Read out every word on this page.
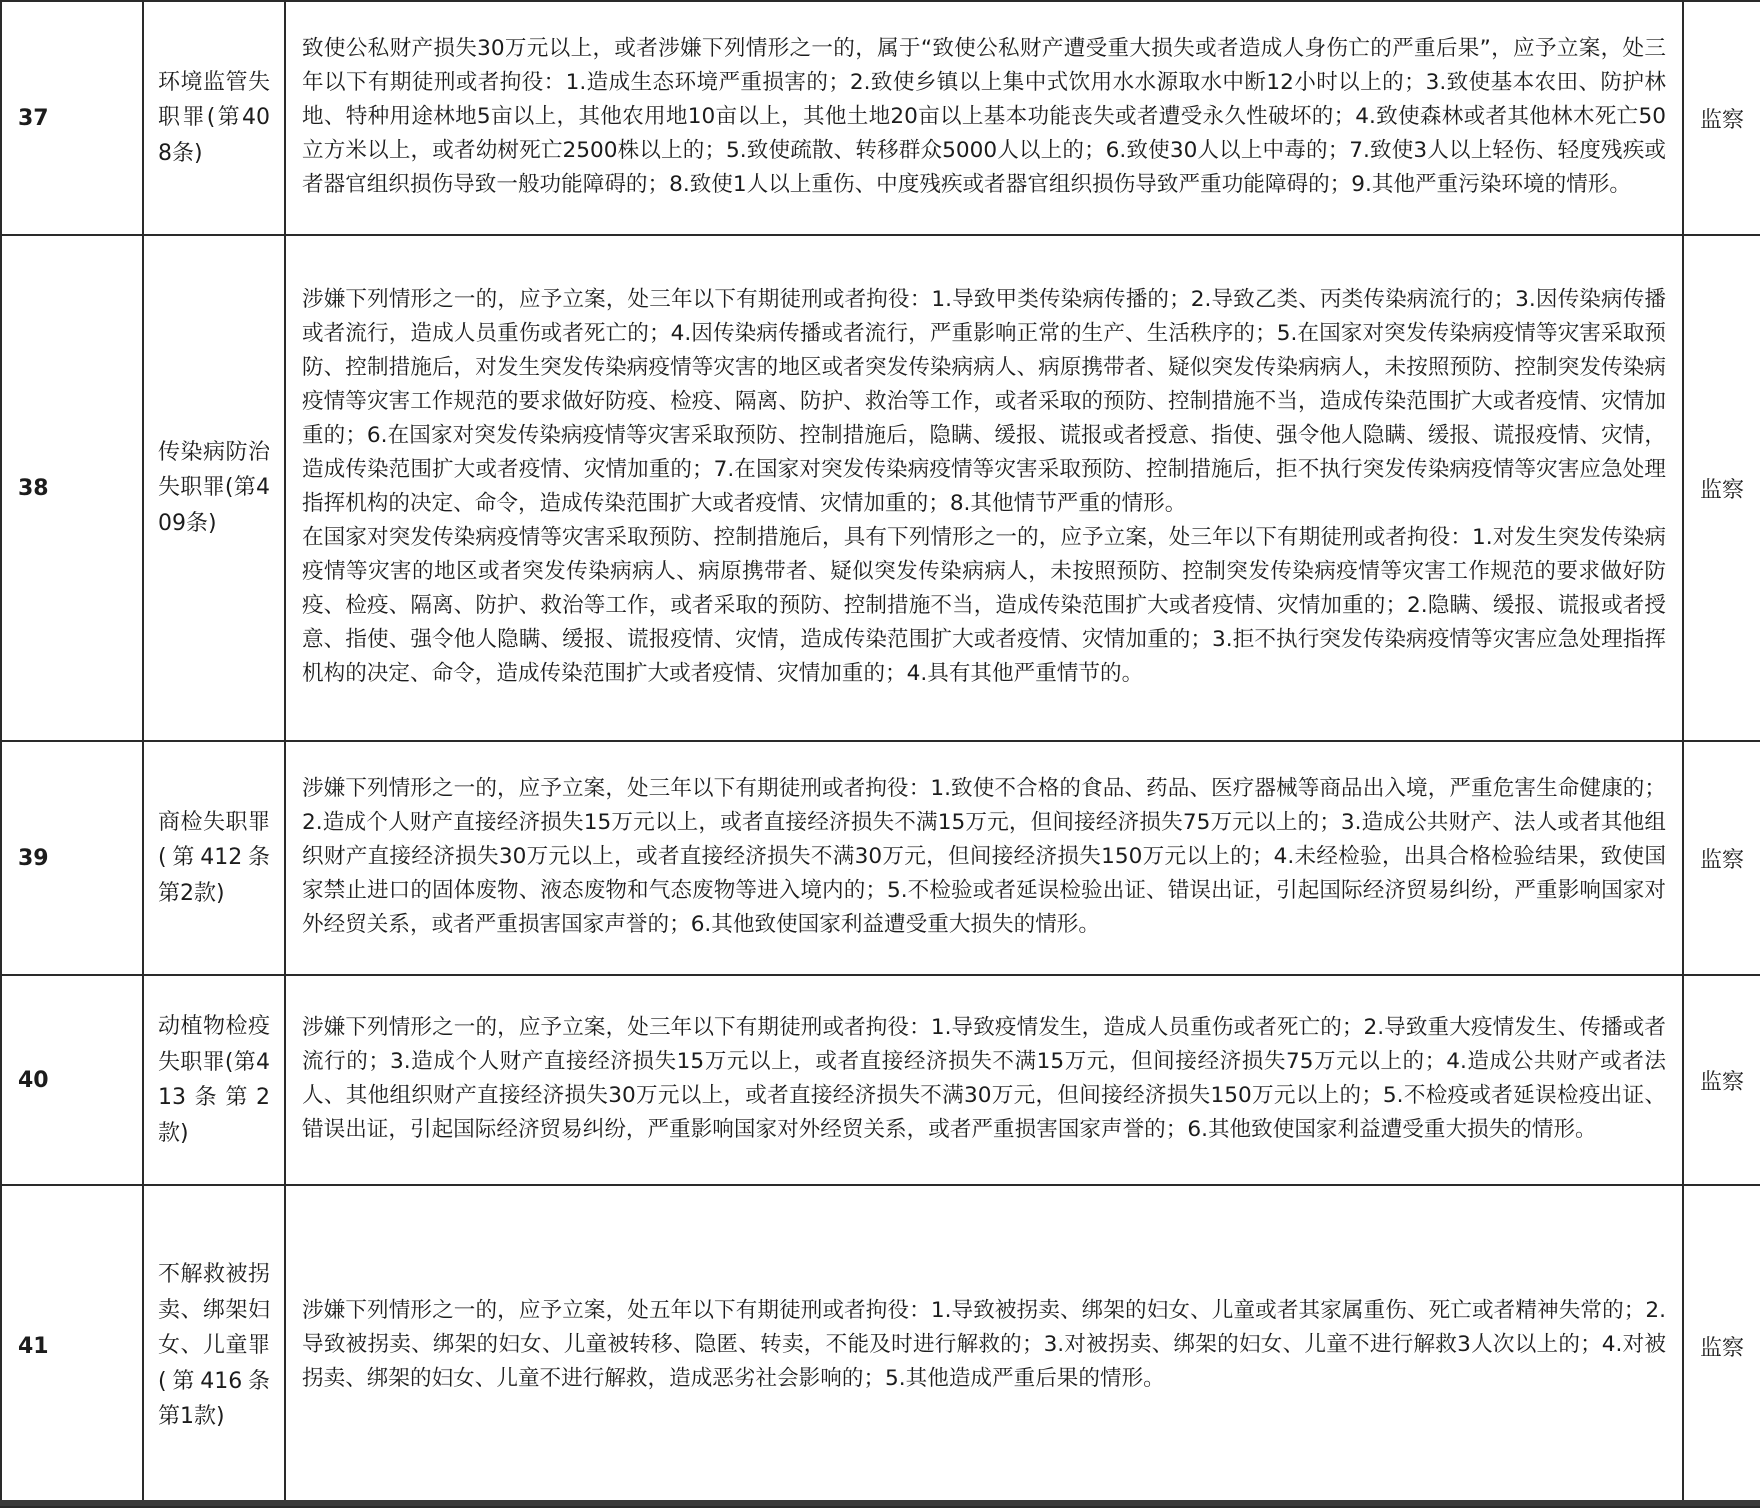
37	环境监管失职罪(第408条)	致使公私财产损失30万元以上，或者涉嫌下列情形之一的，属于“致使公私财产遭受重大损失或者造成人身伤亡的严重后果”，应予立案，处三年以下有期徒刑或者拘役：1.造成生态环境严重损害的；2.致使乡镇以上集中式饮用水水源取水中断12小时以上的；3.致使基本农田、防护林地、特种用途林地5亩以上，其他农用地10亩以上，其他土地20亩以上基本功能丧失或者遭受永久性破坏的；4.致使森林或者其他林木死亡50立方米以上，或者幼树死亡2500株以上的；5.致使疏散、转移群众5000人以上的；6.致使30人以上中毒的；7.致使3人以上轻伤、轻度残疾或者器官组织损伤导致一般功能障碍的；8.致使1人以上重伤、中度残疾或者器官组织损伤导致严重功能障碍的；9.其他严重污染环境的情形。	监察
38	传染病防治失职罪(第409条)	涉嫌下列情形之一的，应予立案，处三年以下有期徒刑或者拘役：1.导致甲类传染病传播的；2.导致乙类、丙类传染病流行的；3.因传染病传播或者流行，造成人员重伤或者死亡的；4.因传染病传播或者流行，严重影响正常的生产、生活秩序的；5.在国家对突发传染病疫情等灾害采取预防、控制措施后，对发生突发传染病疫情等灾害的地区或者突发传染病病人、病原携带者、疑似突发传染病病人，未按照预防、控制突发传染病疫情等灾害工作规范的要求做好防疫、检疫、隔离、防护、救治等工作，或者采取的预防、控制措施不当，造成传染范围扩大或者疫情、灾情加重的；6.在国家对突发传染病疫情等灾害采取预防、控制措施后，隐瞒、缓报、谎报或者授意、指使、强令他人隐瞒、缓报、谎报疫情、灾情，造成传染范围扩大或者疫情、灾情加重的；7.在国家对突发传染病疫情等灾害采取预防、控制措施后，拒不执行突发传染病疫情等灾害应急处理指挥机构的决定、命令，造成传染范围扩大或者疫情、灾情加重的；8.其他情节严重的情形。
在国家对突发传染病疫情等灾害采取预防、控制措施后，具有下列情形之一的，应予立案，处三年以下有期徒刑或者拘役：1.对发生突发传染病疫情等灾害的地区或者突发传染病病人、病原携带者、疑似突发传染病病人，未按照预防、控制突发传染病疫情等灾害工作规范的要求做好防疫、检疫、隔离、防护、救治等工作，或者采取的预防、控制措施不当，造成传染范围扩大或者疫情、灾情加重的；2.隐瞒、缓报、谎报或者授意、指使、强令他人隐瞒、缓报、谎报疫情、灾情，造成传染范围扩大或者疫情、灾情加重的；3.拒不执行突发传染病疫情等灾害应急处理指挥机构的决定、命令，造成传染范围扩大或者疫情、灾情加重的；4.具有其他严重情节的。	监察
39	商检失职罪(第412条第2款)	涉嫌下列情形之一的，应予立案，处三年以下有期徒刑或者拘役：1.致使不合格的食品、药品、医疗器械等商品出入境，严重危害生命健康的；2.造成个人财产直接经济损失15万元以上，或者直接经济损失不满15万元，但间接经济损失75万元以上的；3.造成公共财产、法人或者其他组织财产直接经济损失30万元以上，或者直接经济损失不满30万元，但间接经济损失150万元以上的；4.未经检验，出具合格检验结果，致使国家禁止进口的固体废物、液态废物和气态废物等进入境内的；5.不检验或者延误检验出证、错误出证，引起国际经济贸易纠纷，严重影响国家对外经贸关系，或者严重损害国家声誉的；6.其他致使国家利益遭受重大损失的情形。	监察
40	动植物检疫失职罪(第413条第2款)	涉嫌下列情形之一的，应予立案，处三年以下有期徒刑或者拘役：1.导致疫情发生，造成人员重伤或者死亡的；2.导致重大疫情发生、传播或者流行的；3.造成个人财产直接经济损失15万元以上，或者直接经济损失不满15万元，但间接经济损失75万元以上的；4.造成公共财产或者法人、其他组织财产直接经济损失30万元以上，或者直接经济损失不满30万元，但间接经济损失150万元以上的；5.不检疫或者延误检疫出证、错误出证，引起国际经济贸易纠纷，严重影响国家对外经贸关系，或者严重损害国家声誉的；6.其他致使国家利益遭受重大损失的情形。	监察
41	不解救被拐卖、绑架妇女、儿童罪(第416条第1款)	涉嫌下列情形之一的，应予立案，处五年以下有期徒刑或者拘役：1.导致被拐卖、绑架的妇女、儿童或者其家属重伤、死亡或者精神失常的；2.导致被拐卖、绑架的妇女、儿童被转移、隐匿、转卖，不能及时进行解救的；3.对被拐卖、绑架的妇女、儿童不进行解救3人次以上的；4.对被拐卖、绑架的妇女、儿童不进行解救，造成恶劣社会影响的；5.其他造成严重后果的情形。	监察
